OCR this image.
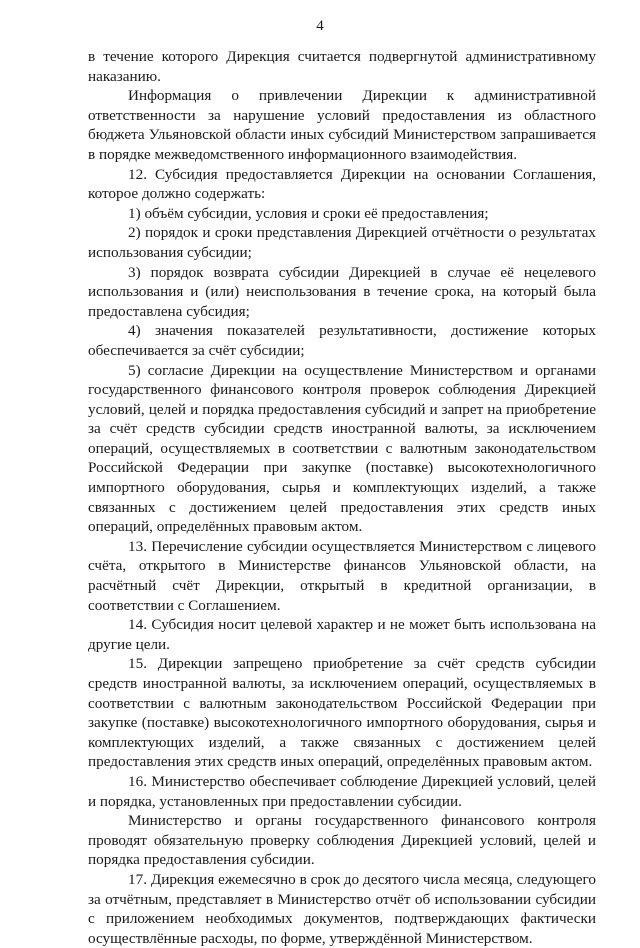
4

в течение которого Дирекция считается подвергнутой административному наказанию.

Информация о привлечении Дирекции к административной ответственности за нарушение условий предоставления из областного бюджета Ульяновской области иных субсидий Министерством запрашивается в порядке межведомственного информационного взаимодействия.

12. Субсидия предоставляется Дирекции на основании Соглашения, которое должно содержать:

1) объём субсидии, условия и сроки её предоставления;

2) порядок и сроки представления Дирекцией отчётности о результатах использования субсидии;

3) порядок возврата субсидии Дирекцией в случае её нецелевого использования и (или) неиспользования в течение срока, на который была предоставлена субсидия;

4) значения показателей результативности, достижение которых обеспечивается за счёт субсидии;

5) согласие Дирекции на осуществление Министерством и органами государственного финансового контроля проверок соблюдения Дирекцией условий, целей и порядка предоставления субсидий и запрет на приобретение за счёт средств субсидии средств иностранной валюты, за исключением операций, осуществляемых в соответствии с валютным законодательством Российской Федерации при закупке (поставке) высокотехнологичного импортного оборудования, сырья и комплектующих изделий, а также связанных с достижением целей предоставления этих средств иных операций, определённых правовым актом.

13. Перечисление субсидии осуществляется Министерством с лицевого счёта, открытого в Министерстве финансов Ульяновской области, на расчётный счёт Дирекции, открытый в кредитной организации, в соответствии с Соглашением.

14. Субсидия носит целевой характер и не может быть использована на другие цели.

15. Дирекции запрещено приобретение за счёт средств субсидии средств иностранной валюты, за исключением операций, осуществляемых в соответствии с валютным законодательством Российской Федерации при закупке (поставке) высокотехнологичного импортного оборудования, сырья и комплектующих изделий, а также связанных с достижением целей предоставления этих средств иных операций, определённых правовым актом.

16. Министерство обеспечивает соблюдение Дирекцией условий, целей и порядка, установленных при предоставлении субсидии.

Министерство и органы государственного финансового контроля проводят обязательную проверку соблюдения Дирекцией условий, целей и порядка предоставления субсидии.

17. Дирекция ежемесячно в срок до десятого числа месяца, следующего за отчётным, представляет в Министерство отчёт об использовании субсидии с приложением необходимых документов, подтверждающих фактически осуществлённые расходы, по форме, утверждённой Министерством.
